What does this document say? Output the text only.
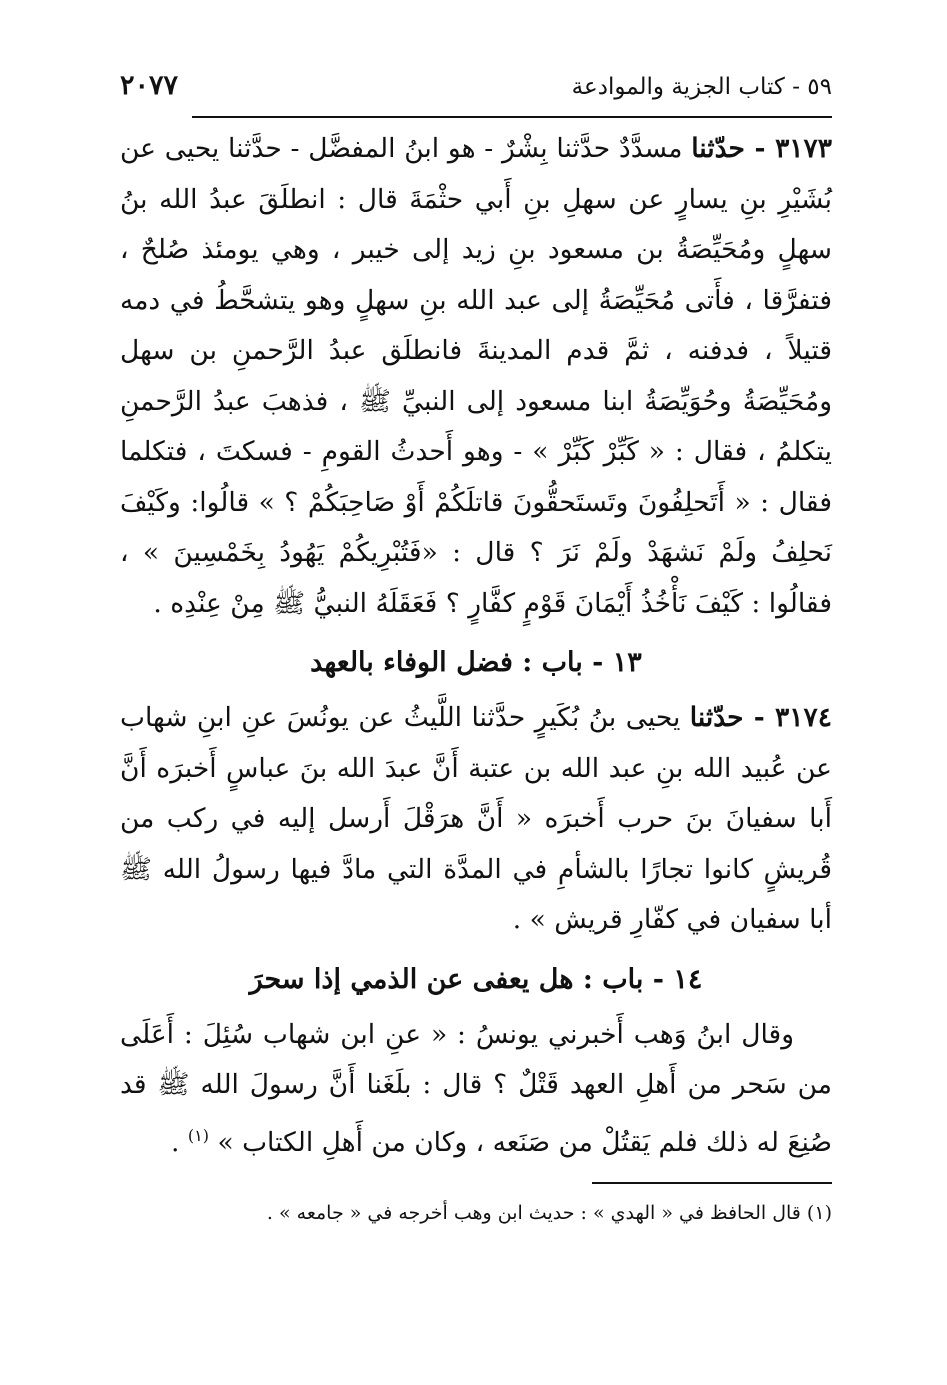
٥٩ - كتاب الجزية والموادعة
٢٠٧٧

٣١٧٣ - حدّثنا مسدَّدٌ حدَّثنا بِشْرٌ - هو ابنُ المفضَّل - حدَّثنا يحيى عن بُشَيْرِ بنِ يسارٍ عن سهلِ بنِ أَبي حثْمَةَ قال : انطلَقَ عبدُ الله بنُ سهلٍ ومُحَيِّصَةُ بن مسعود بنِ زيد إلى خيبر ، وهي يومئذ صُلحٌ ، فتفرَّقا ، فأَتى مُحَيِّصَةُ إلى عبد الله بنِ سهلٍ وهو يتشحَّطُ في دمه قتيلاً ، فدفنه ، ثمَّ قدم المدينةَ فانطلَق عبدُ الرَّحمنِ بن سهل ومُحَيِّصَةُ وحُوَيِّصَةُ ابنا مسعود إلى النبيِّ ﷺ ، فذهبَ عبدُ الرَّحمنِ يتكلمُ ، فقال : « كَبِّرْ كَبِّرْ » - وهو أَحدثُ القومِ - فسكتَ ، فتكلما فقال : « أَتَحلِفُونَ وتَستَحقُّونَ قاتلَكُمْ أَوْ صَاحِبَكُمْ ؟ » قالُوا: وكَيْفَ نَحلِفُ ولَمْ نَشهَدْ ولَمْ نَرَ ؟ قال : «فَتُبْرِيكُمْ يَهُودُ بِخَمْسِينَ » ، فقالُوا : كَيْفَ نَأْخُذُ أَيْمَانَ قَوْمٍ كفَّارٍ ؟ فَعَقَلَهُ النبيُّ ﷺ مِنْ عِنْدِه .

١٣ - باب : فضل الوفاء بالعهد

٣١٧٤ - حدّثنا يحيى بنُ بُكَيرٍ حدَّثنا اللَّيثُ عن يونُسَ عنِ ابنِ شهاب عن عُبيد الله بنِ عبد الله بن عتبة أَنَّ عبدَ الله بنَ عباسٍ أَخبرَه أَنَّ أَبا سفيانَ بنَ حرب أَخبرَه « أَنَّ هرَقْلَ أَرسل إليه في ركب من قُريشٍ كانوا تجارًا بالشأمِ في المدَّة التي مادَّ فيها رسولُ الله ﷺ أبا سفيان في كفّارِ قريش » .

١٤ - باب : هل يعفى عن الذمي إذا سحرَ

وقال ابنُ وَهب أَخبرني يونسُ : « عنِ ابن شهاب سُئِلَ : أَعَلَى من سَحر من أَهلِ العهد قَتْلٌ ؟ قال : بلَغَنا أَنَّ رسولَ الله ﷺ قد صُنِعَ له ذلك فلم يَقتُلْ من صَنَعه ، وكان من أَهلِ الكتاب » $^{(١)}$ .

(١) قال الحافظ في « الهدي » : حديث ابن وهب أخرجه في « جامعه » .
